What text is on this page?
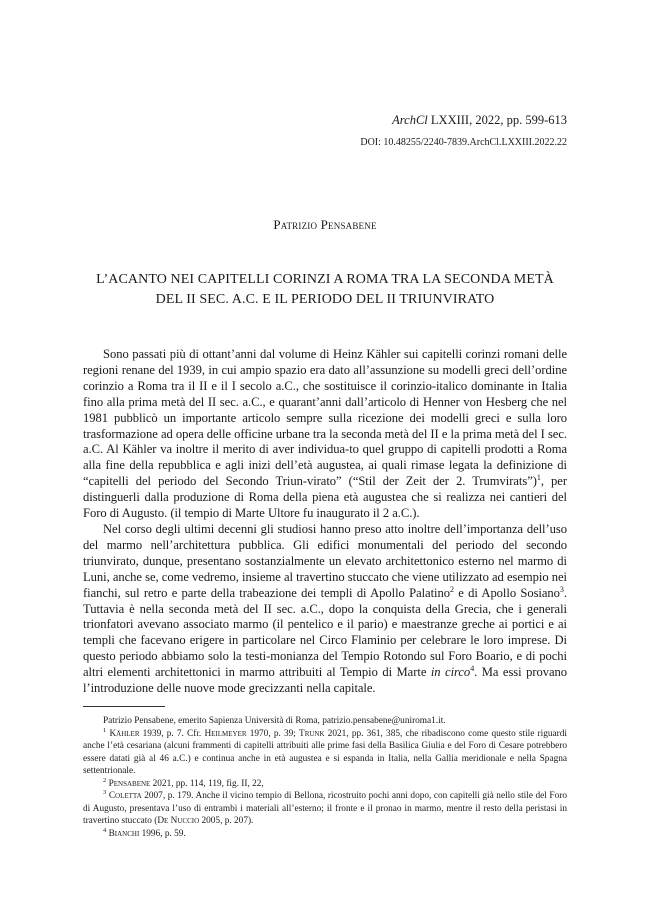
ArchCl LXXIII, 2022, pp. 599-613
DOI: 10.48255/2240-7839.ArchCl.LXXIII.2022.22
Patrizio Pensabene
L’ACANTO NEI CAPITELLI CORINZI A ROMA TRA LA SECONDA METÀ
DEL II SEC. A.C. E IL PERIODO DEL II TRIUNVIRATO

Sono passati più di ottant’anni dal volume di Heinz Kähler sui capitelli corinzi romani delle regioni renane del 1939, in cui ampio spazio era dato all’assunzione su modelli greci dell’ordine corinzio a Roma tra il II e il I secolo a.C., che sostituisce il corinzio-italico dominante in Italia fino alla prima metà del II sec. a.C., e quarant’anni dall’articolo di Henner von Hesberg che nel 1981 pubblicò un importante articolo sempre sulla ricezione dei modelli greci e sulla loro trasformazione ad opera delle officine urbane tra la seconda metà del II e la prima metà del I sec. a.C. Al Kähler va inoltre il merito di aver individua-to quel gruppo di capitelli prodotti a Roma alla fine della repubblica e agli inizi dell’età augustea, ai quali rimase legata la definizione di “capitelli del periodo del Secondo Triun-virato” (“Stil der Zeit der 2. Trumvirats”)$^1$, per distinguerli dalla produzione di Roma della piena età augustea che si realizza nei cantieri del Foro di Augusto. (il tempio di Marte Ultore fu inaugurato il 2 a.C.).

Nel corso degli ultimi decenni gli studiosi hanno preso atto inoltre dell’importanza dell’uso del marmo nell’architettura pubblica. Gli edifici monumentali del periodo del secondo triunvirato, dunque, presentano sostanzialmente un elevato architettonico esterno nel marmo di Luni, anche se, come vedremo, insieme al travertino stuccato che viene utilizzato ad esempio nei fianchi, sul retro e parte della trabeazione dei templi di Apollo Palatino$^2$ e di Apollo Sosiano$^3$. Tuttavia è nella seconda metà del II sec. a.C., dopo la conquista della Grecia, che i generali trionfatori avevano associato marmo (il pentelico e il pario) e maestranze greche ai portici e ai templi che facevano erigere in particolare nel Circo Flaminio per celebrare le loro imprese. Di questo periodo abbiamo solo la testi-monianza del Tempio Rotondo sul Foro Boario, e di pochi altri elementi architettonici in marmo attribuiti al Tempio di Marte in circo$^4$. Ma essi provano l’introduzione delle nuove mode grecizzanti nella capitale.

Patrizio Pensabene, emerito Sapienza Università di Roma, patrizio.pensabene@uniroma1.it.

$^1$ Kähler 1939, p. 7. Cfr. Heilmeyer 1970, p. 39; Trunk 2021, pp. 361, 385, che ribadiscono come questo stile riguardi anche l’età cesariana (alcuni frammenti di capitelli attribuiti alle prime fasi della Basilica Giulia e del Foro di Cesare potrebbero essere datati già al 46 a.C.) e continua anche in età augustea e si espanda in Italia, nella Gallia meridionale e nella Spagna settentrionale.

$^2$ Pensabene 2021, pp. 114, 119, fig. II, 22,

$^3$ Coletta 2007, p. 179. Anche il vicino tempio di Bellona, ricostruito pochi anni dopo, con capitelli già nello stile del Foro di Augusto, presentava l’uso di entrambi i materiali all’esterno; il fronte e il pronao in marmo, mentre il resto della peristasi in travertino stuccato (De Nuccio 2005, p. 207).

$^4$ Bianchi 1996, p. 59.
